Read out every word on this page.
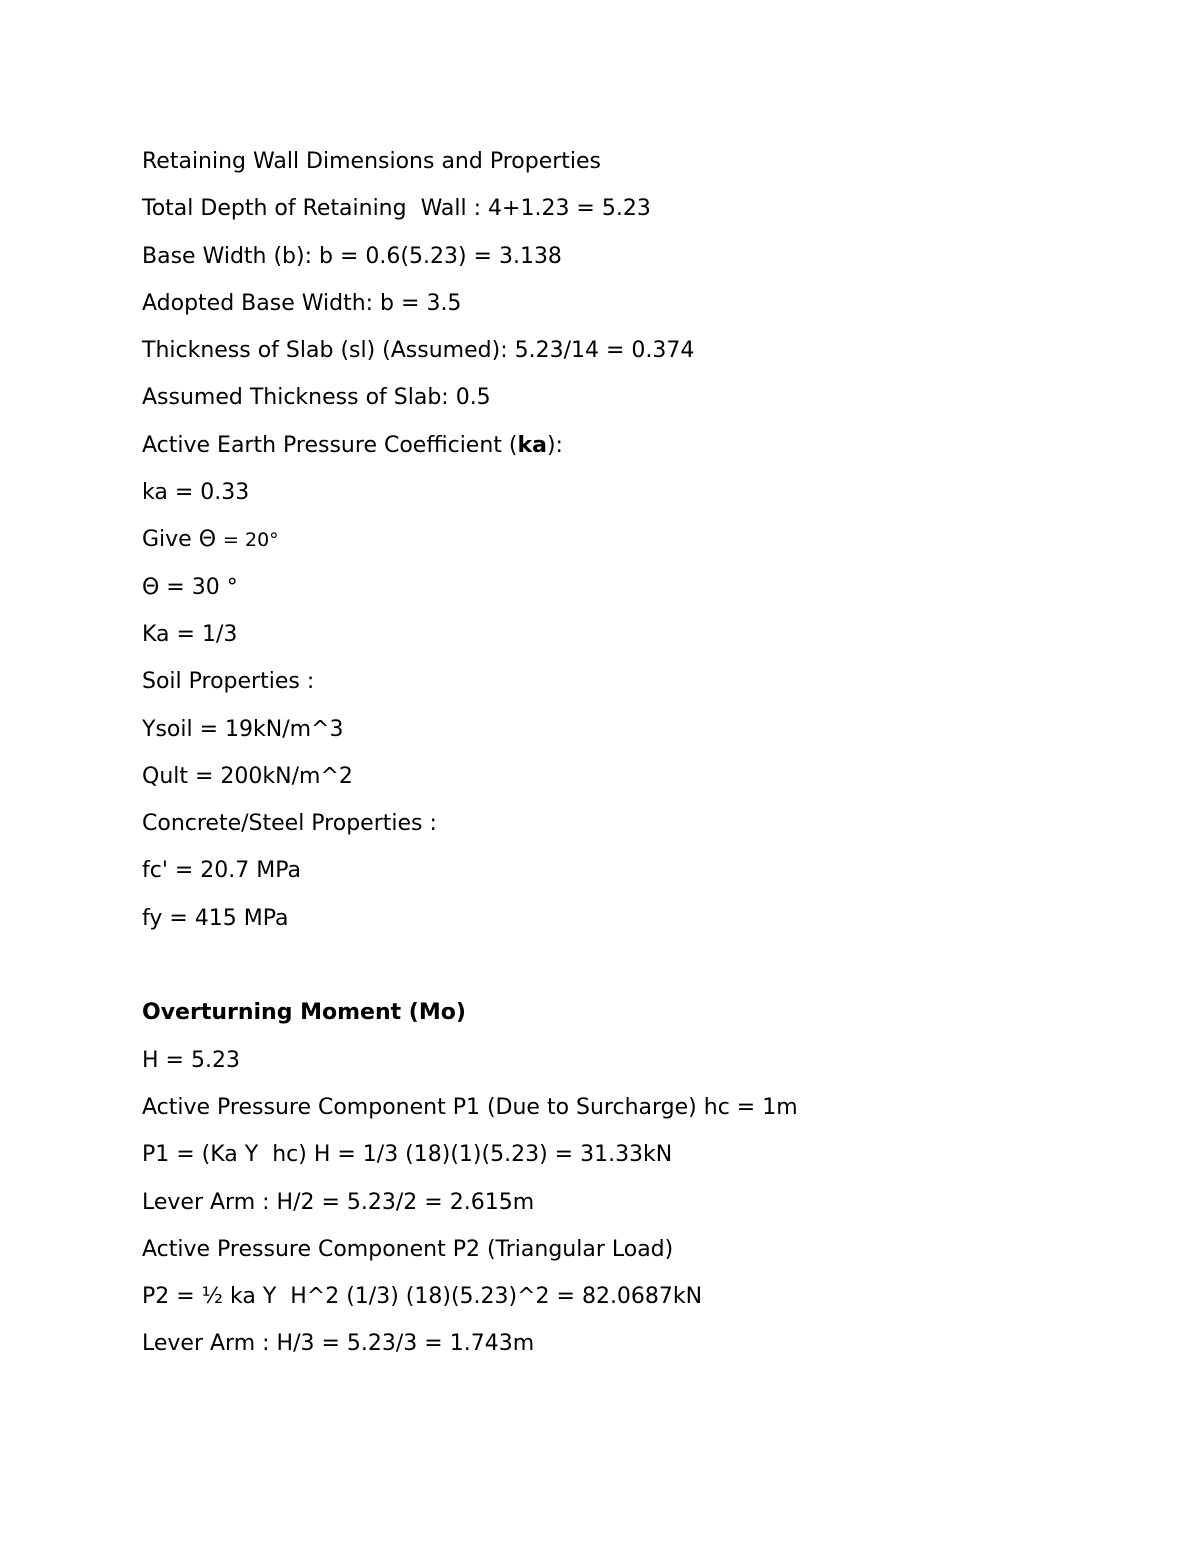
Retaining Wall Dimensions and Properties
Total Depth of Retaining  Wall : 4+1.23 = 5.23
Base Width (b): b = 0.6(5.23) = 3.138
Adopted Base Width: b = 3.5
Thickness of Slab (sl) (Assumed): 5.23/14 = 0.374
Assumed Thickness of Slab: 0.5
Active Earth Pressure Coefficient (ka):
ka = 0.33
Give Θ = 20°
Θ = 30 °
Ka = 1/3
Soil Properties :
Ysoil = 19kN/m^3
Qult = 200kN/m^2
Concrete/Steel Properties :
fc' = 20.7 MPa
fy = 415 MPa
Overturning Moment (Mo)
H = 5.23
Active Pressure Component P1 (Due to Surcharge) hc = 1m
P1 = (Ka Y  hc) H = 1/3 (18)(1)(5.23) = 31.33kN
Lever Arm : H/2 = 5.23/2 = 2.615m
Active Pressure Component P2 (Triangular Load)
P2 = ½ ka Y  H^2 (1/3) (18)(5.23)^2 = 82.0687kN
Lever Arm : H/3 = 5.23/3 = 1.743m
